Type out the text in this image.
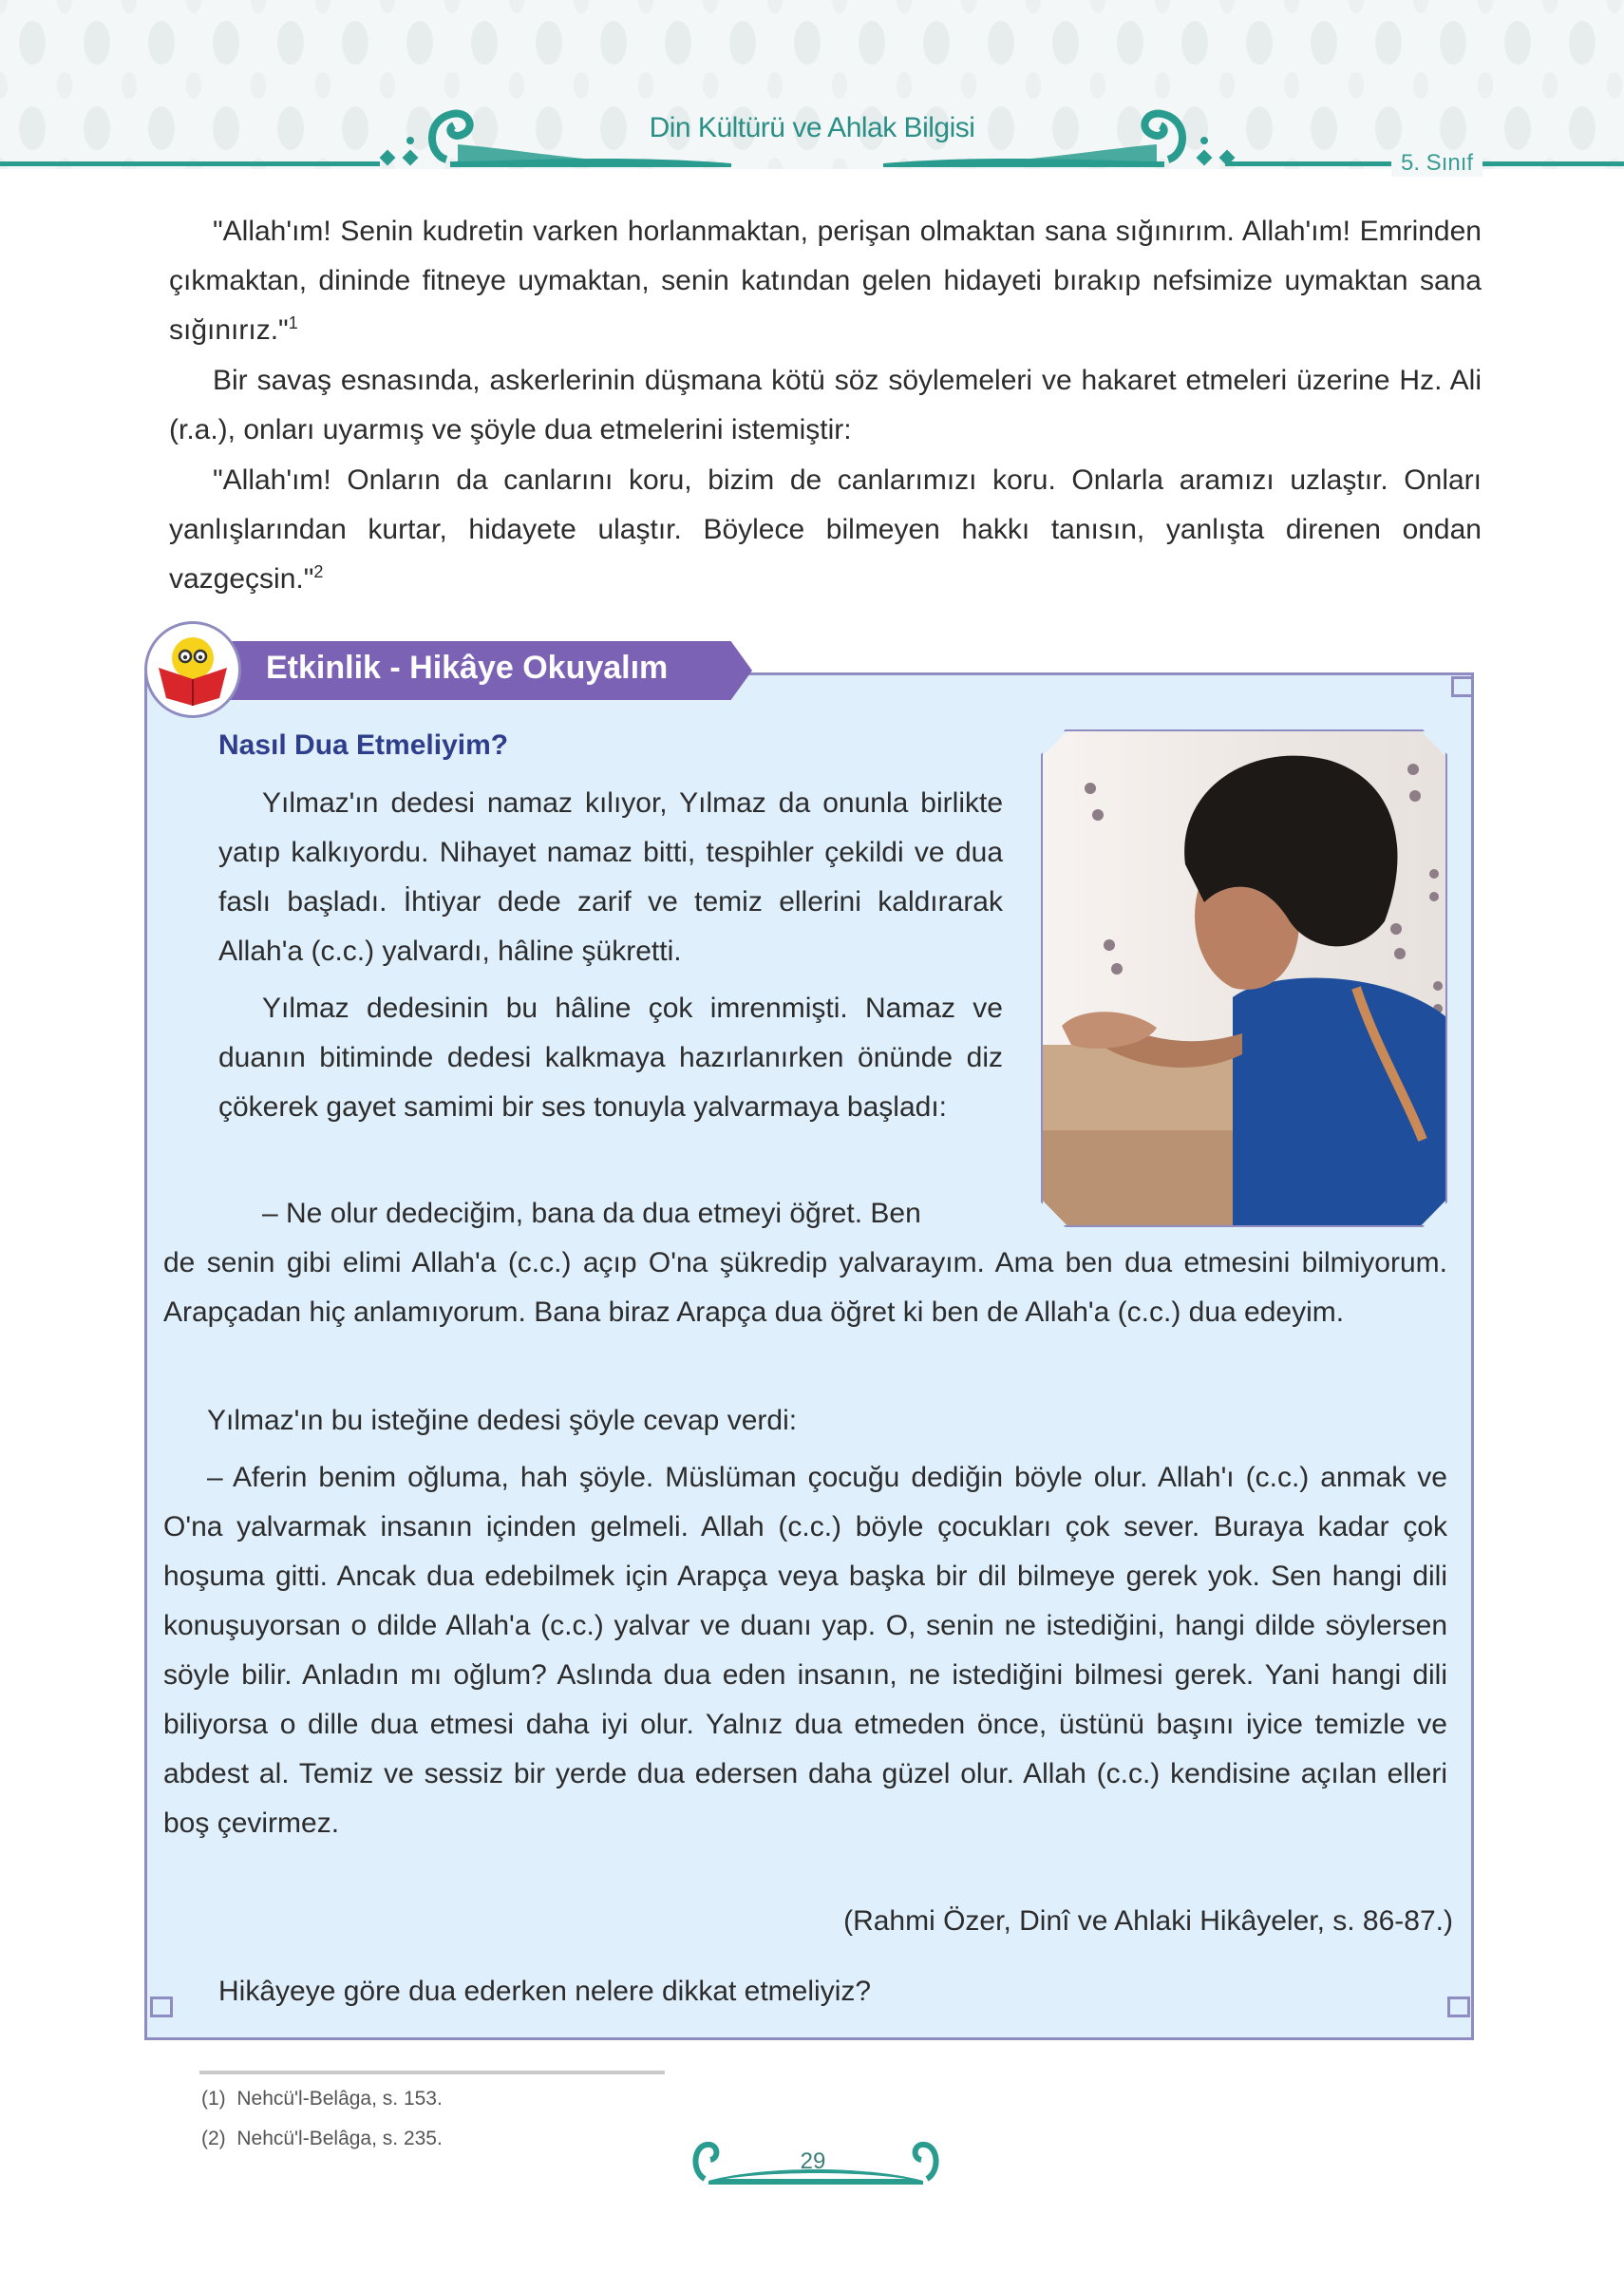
Din Kültürü ve Ahlak Bilgisi
5. Sınıf

"Allah'ım! Senin kudretin varken horlanmaktan, perişan olmaktan sana sığınırım. Allah'ım! Emrinden çıkmaktan, dininde fitneye uymaktan, senin katından gelen hidayeti bırakıp nefsimize uymaktan sana sığınırız."$^1$

Bir savaş esnasında, askerlerinin düşmana kötü söz söylemeleri ve hakaret etmeleri üzerine Hz. Ali (r.a.), onları uyarmış ve şöyle dua etmelerini istemiştir:

"Allah'ım! Onların da canlarını koru, bizim de canlarımızı koru. Onlarla aramızı uzlaştır. Onları yanlışlarından kurtar, hidayete ulaştır. Böylece bilmeyen hakkı tanısın, yanlışta direnen ondan vazgeçsin."$^2$

Etkinlik - Hikâye Okuyalım
Nasıl Dua Etmeliyim?

Yılmaz'ın dedesi namaz kılıyor, Yılmaz da onunla birlikte yatıp kalkıyordu. Nihayet namaz bitti, tespihler çekildi ve dua faslı başladı. İhtiyar dede zarif ve temiz ellerini kaldırarak Allah'a (c.c.) yalvardı, hâline şükretti.

Yılmaz dedesinin bu hâline çok imrenmişti. Namaz ve duanın bitiminde dedesi kalkmaya hazırlanırken önünde diz çökerek gayet samimi bir ses tonuyla yalvarmaya başladı:

– Ne olur dedeciğim, bana da dua etmeyi öğret. Ben

de senin gibi elimi Allah'a (c.c.) açıp O'na şükredip yalvarayım. Ama ben dua etmesini bilmiyorum. Arapçadan hiç anlamıyorum. Bana biraz Arapça dua öğret ki ben de Allah'a (c.c.) dua edeyim.

Yılmaz'ın bu isteğine dedesi şöyle cevap verdi:

– Aferin benim oğluma, hah şöyle. Müslüman çocuğu dediğin böyle olur. Allah'ı (c.c.) anmak ve O'na yalvarmak insanın içinden gelmeli. Allah (c.c.) böyle çocukları çok sever. Buraya kadar çok hoşuma gitti. Ancak dua edebilmek için Arapça veya başka bir dil bilmeye gerek yok. Sen hangi dili konuşuyorsan o dilde Allah'a (c.c.) yalvar ve duanı yap. O, senin ne istediğini, hangi dilde söylersen söyle bilir. Anladın mı oğlum? Aslında dua eden insanın, ne istediğini bilmesi gerek. Yani hangi dili biliyorsa o dille dua etmesi daha iyi olur. Yalnız dua etmeden önce, üstünü başını iyice temizle ve abdest al. Temiz ve sessiz bir yerde dua edersen daha güzel olur. Allah (c.c.) kendisine açılan elleri boş çevirmez.

(Rahmi Özer, Dinî ve Ahlaki Hikâyeler, s. 86-87.)
Hikâyeye göre dua ederken nelere dikkat etmeliyiz?
(1) Nehcü'l-Belâga, s. 153.
(2) Nehcü'l-Belâga, s. 235.
29
